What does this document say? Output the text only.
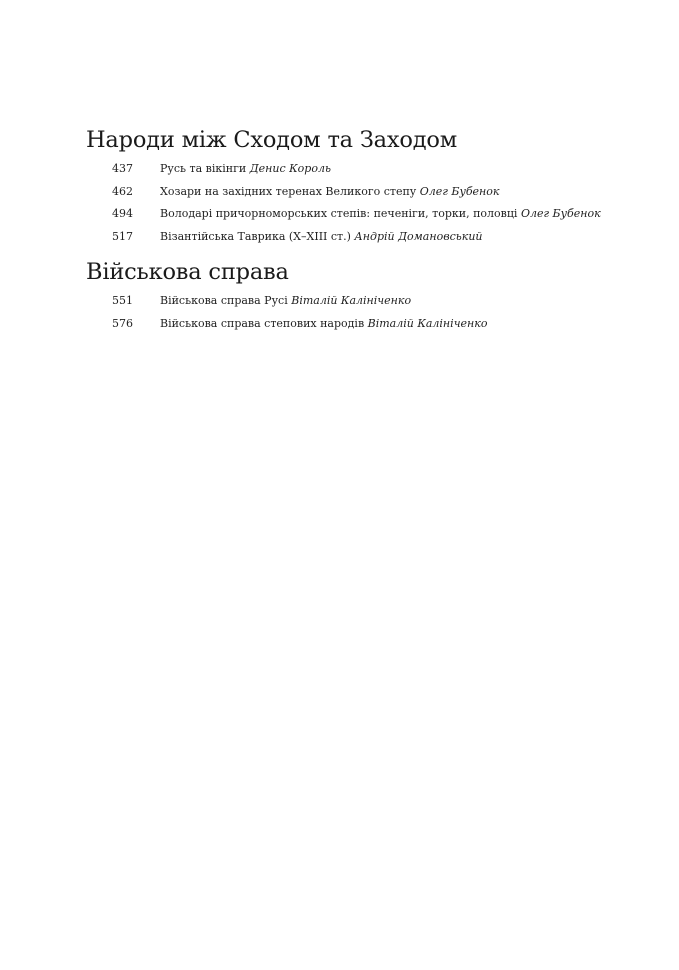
Народи між Сходом та Заходом
437	Русь та вікінги Денис Король
462	Хозари на західних теренах Великого степу Олег Бубенок
494	Володарі причорноморських степів: печеніги, торки, половці Олег Бубенок
517	Візантійська Таврика (Х–XIII ст.) Андрій Домановський
Військова справа
551	Військова справа Русі Віталій Калініченко
576	Військова справа степових народів Віталій Калініченко
